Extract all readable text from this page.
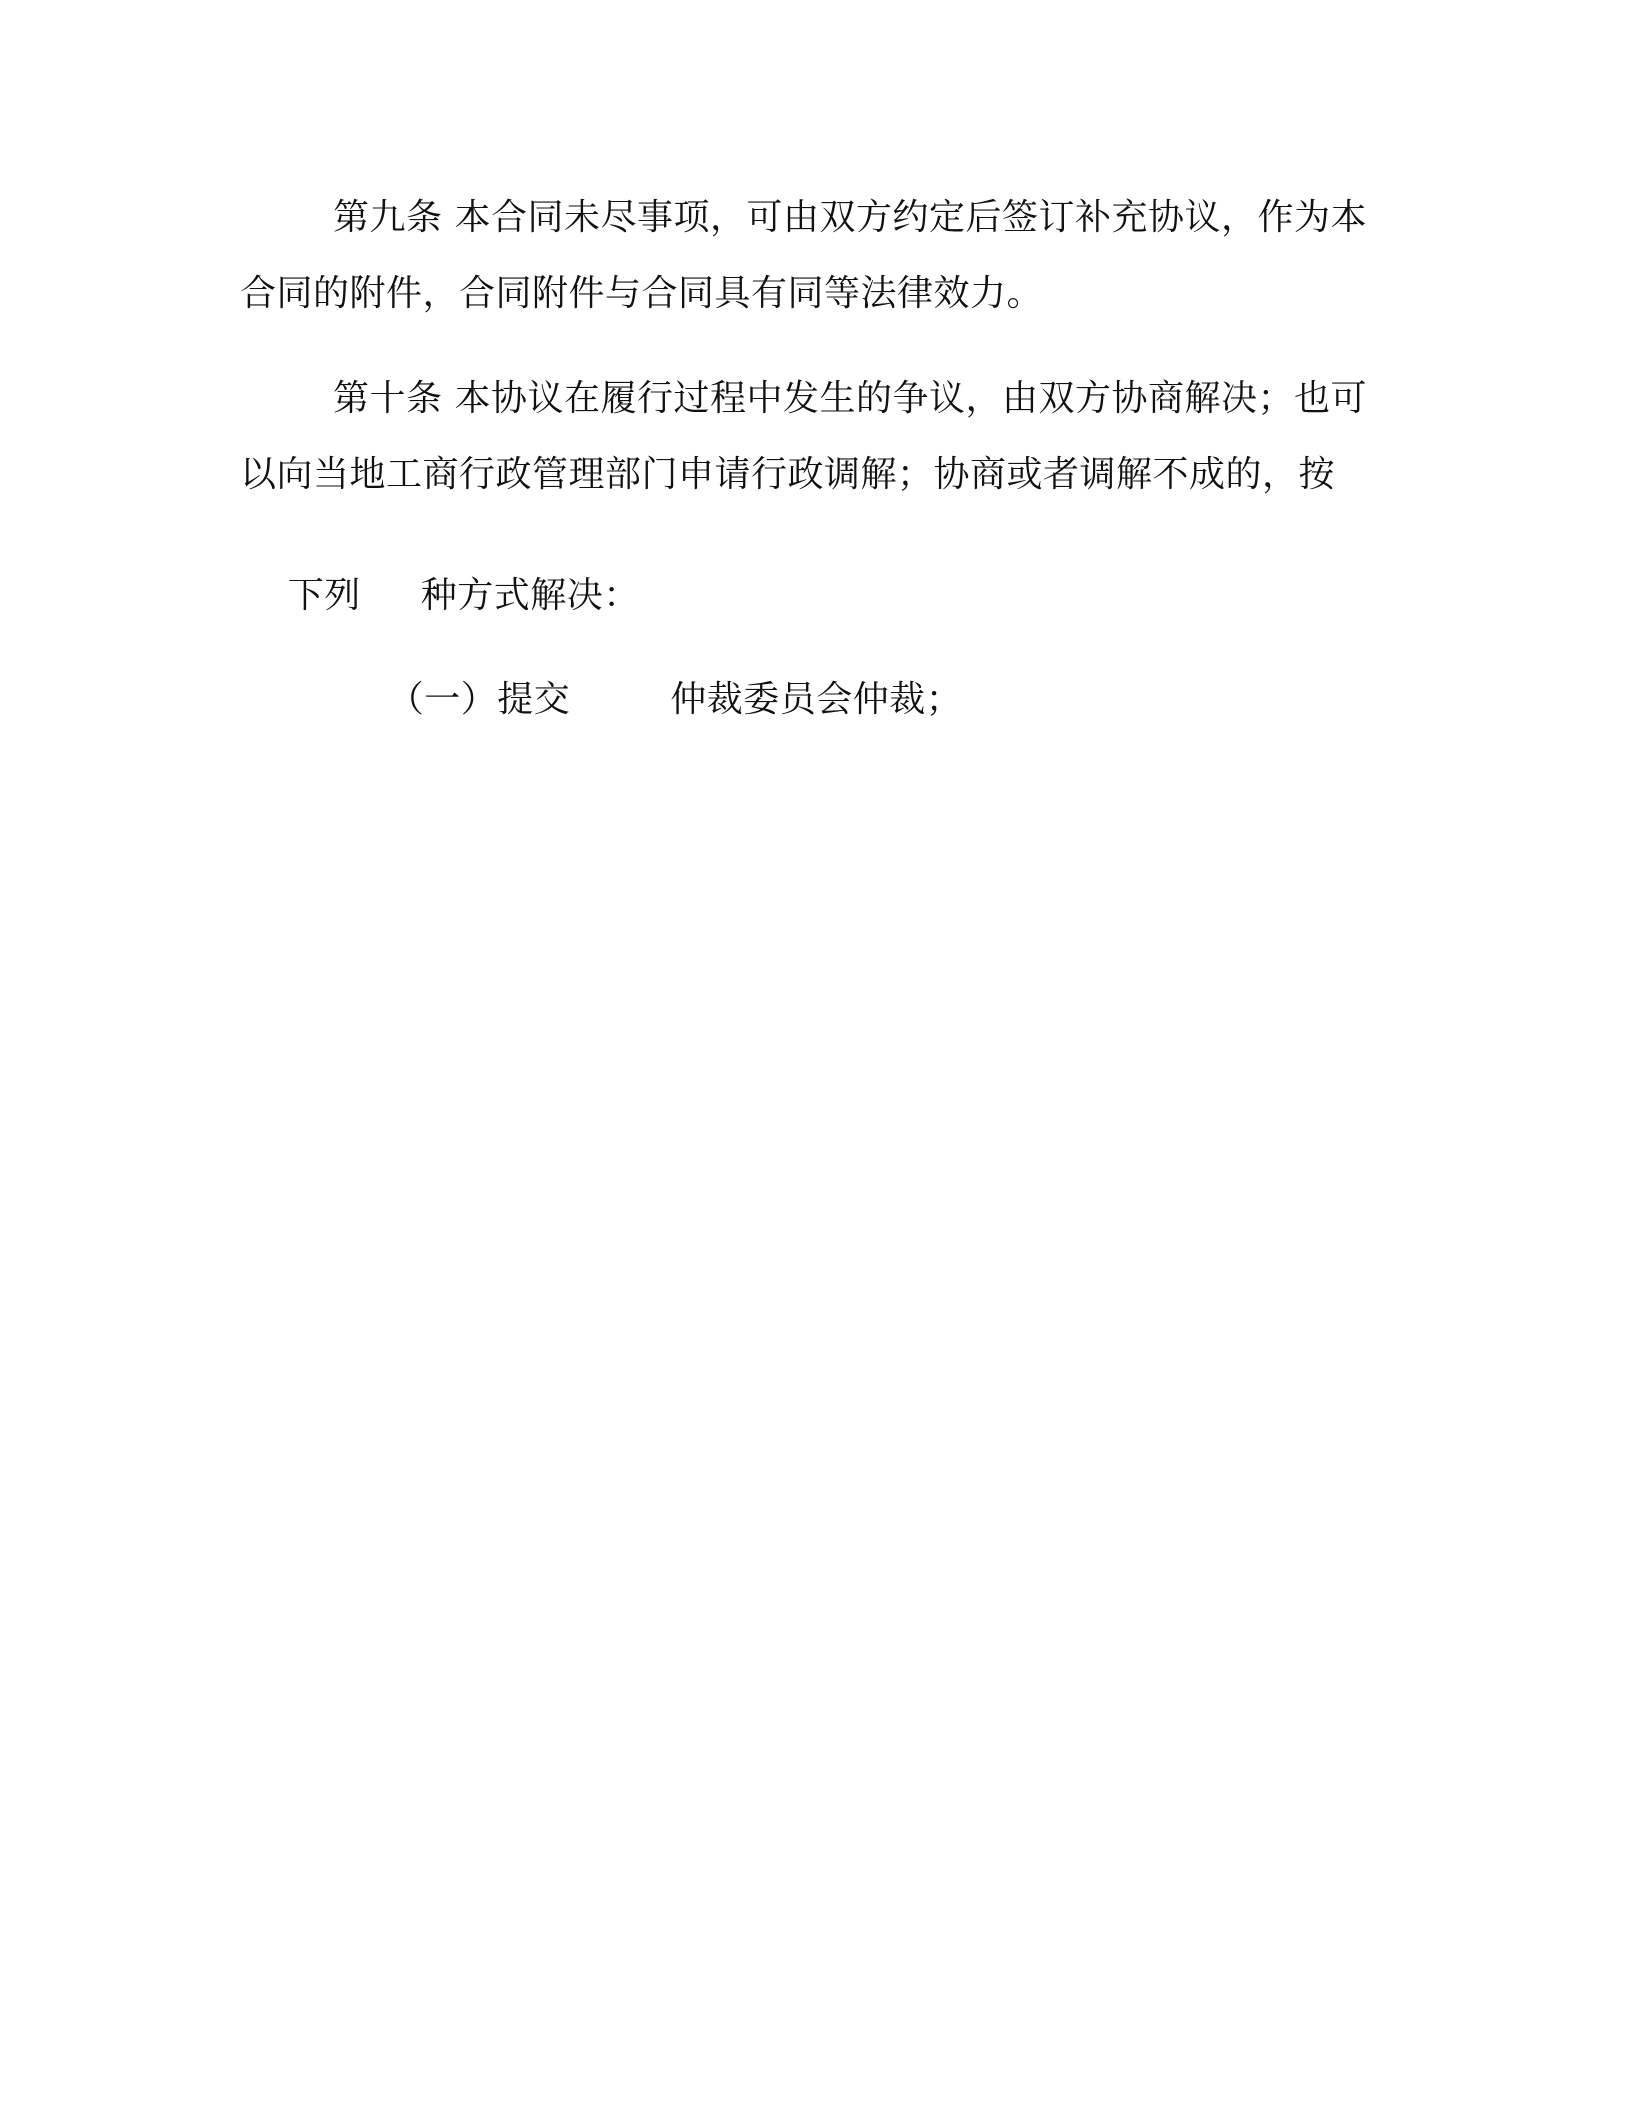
第九条 本合同未尽事项，可由双方约定后签订补充协议，作为本
合同的附件，合同附件与合同具有同等法律效力。
第十条 本协议在履行过程中发生的争议，由双方协商解决；也可
以向当地工商行政管理部门申请行政调解；协商或者调解不成的，按

下列 种方式解决：

（一）提交	仲裁委员会仲裁；
